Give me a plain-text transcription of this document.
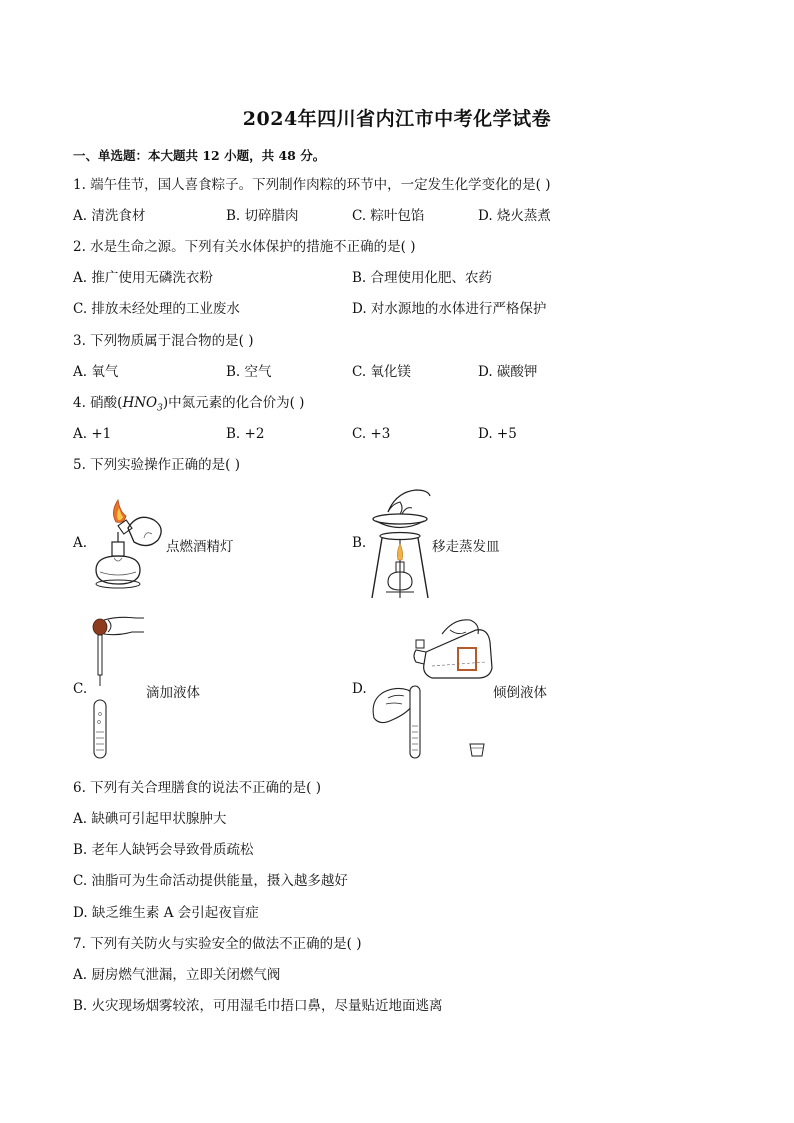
2024年四川省内江市中考化学试卷
一、单选题：本大题共 12 小题，共 48 分。
1. 端午佳节，国人喜食粽子。下列制作肉粽的环节中，一定发生化学变化的是( )
A. 清洗食材	B. 切碎腊肉	C. 粽叶包馅	D. 烧火蒸煮
2. 水是生命之源。下列有关水体保护的措施不正确的是( )
A. 推广使用无磷洗衣粉	B. 合理使用化肥、农药
C. 排放未经处理的工业废水	D. 对水源地的水体进行严格保护
3. 下列物质属于混合物的是( )
A. 氧气	B. 空气	C. 氧化镁	D. 碳酸钾
4. 硝酸$(HNO_3)$中氮元素的化合价为( )
A. +1	B. +2	C. +3	D. +5
5. 下列实验操作正确的是( )
A.	点燃酒精灯	B.	移走蒸发皿
C.	滴加液体	D.	倾倒液体
6. 下列有关合理膳食的说法不正确的是( )
A. 缺碘可引起甲状腺肿大
B. 老年人缺钙会导致骨质疏松
C. 油脂可为生命活动提供能量，摄入越多越好
D. 缺乏维生素 A 会引起夜盲症
7. 下列有关防火与实验安全的做法不正确的是( )
A. 厨房燃气泄漏，立即关闭燃气阀
B. 火灾现场烟雾较浓，可用湿毛巾捂口鼻，尽量贴近地面逃离
